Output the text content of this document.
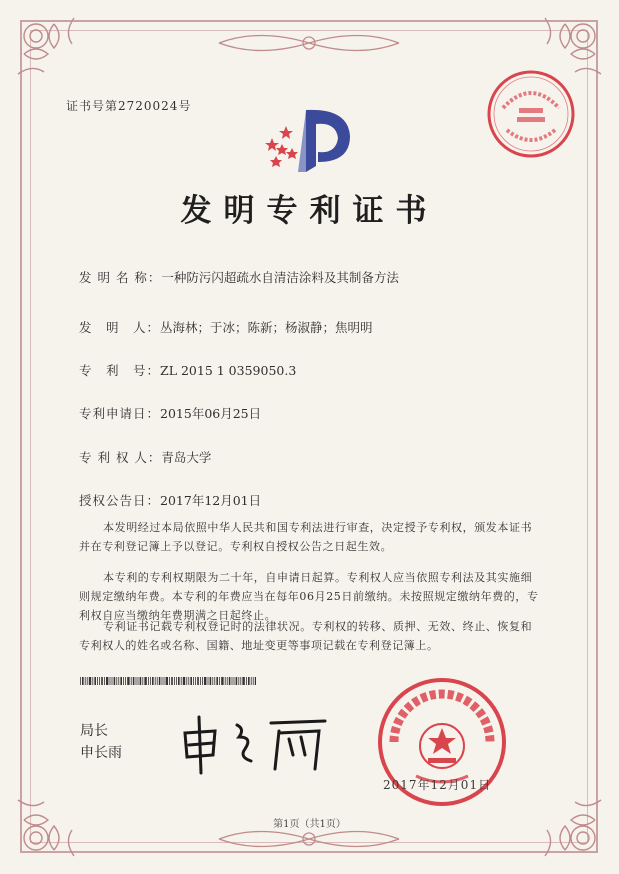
证书号第2720024号
发明专利证书
发 明 名 称：一种防污闪超疏水自清洁涂料及其制备方法
发　明　人：丛海林；于冰；陈新；杨淑静；焦明明
专　利　号：ZL 2015 1 0359050.3
专利申请日：2015年06月25日
专 利 权 人：青岛大学
授权公告日：2017年12月01日
本发明经过本局依照中华人民共和国专利法进行审查，决定授予专利权，颁发本证书并在专利登记簿上予以登记。专利权自授权公告之日起生效。
本专利的专利权期限为二十年，自申请日起算。专利权人应当依照专利法及其实施细则规定缴纳年费。本专利的年费应当在每年06月25日前缴纳。未按照规定缴纳年费的，专利权自应当缴纳年费期满之日起终止。
专利证书记载专利权登记时的法律状况。专利权的转移、质押、无效、终止、恢复和专利权人的姓名或名称、国籍、地址变更等事项记载在专利登记簿上。
局长
申长雨
2017年12月01日
第1页（共1页）
